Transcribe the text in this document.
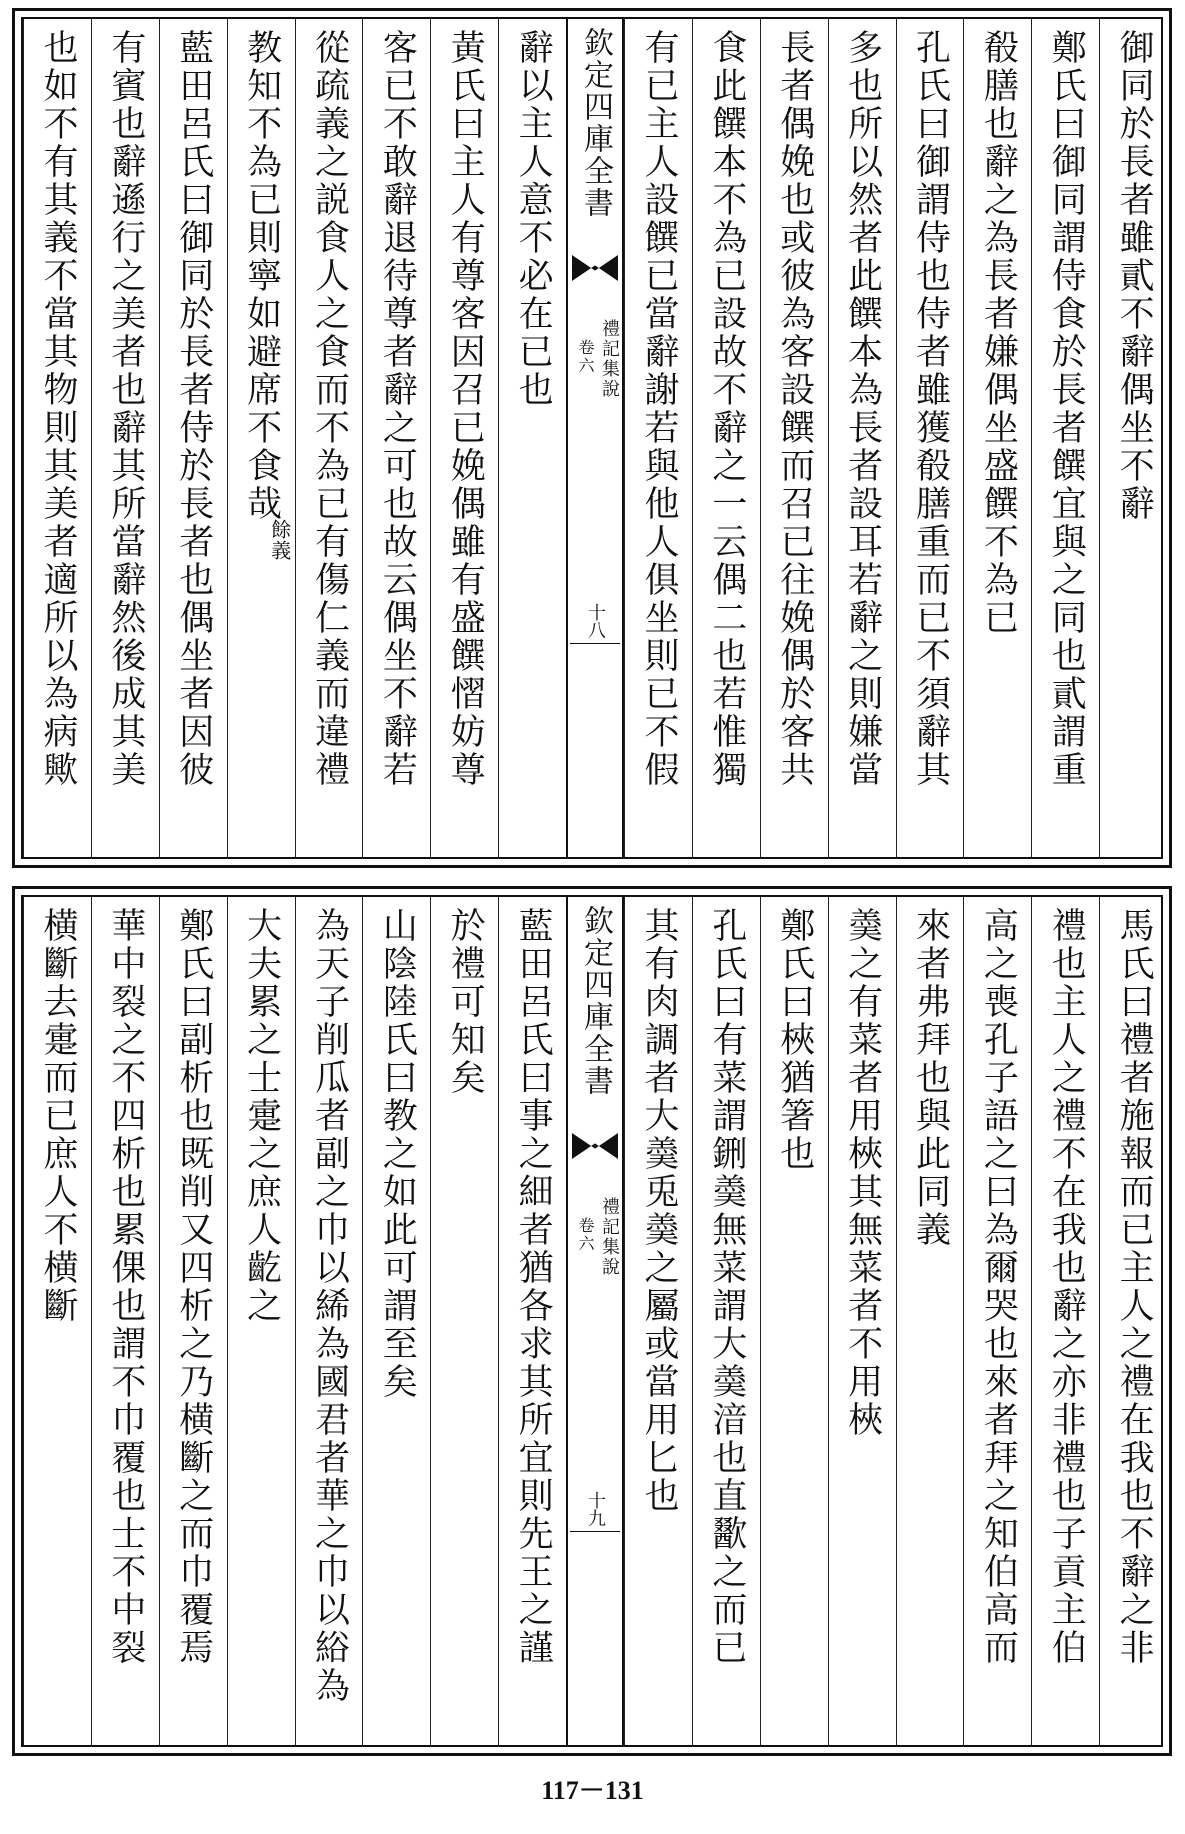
御同於長者雖貳不辭偶坐不辭
鄭氏曰御同謂侍食於長者饌宜與之同也貳謂重
殽膳也辭之為長者嫌偶坐盛饌不為已
孔氏曰御謂侍也侍者雖獲殽膳重而已不須辭其
多也所以然者此饌本為長者設耳若辭之則嫌當
長者偶娩也或彼為客設饌而召已往娩偶於客共
食此饌本不為已設故不辭之一云偶二也若惟獨
有已主人設饌已當辭謝若與他人俱坐則已不假
欽定四庫全書
禮記集說
卷六
十八
辭以主人意不必在已也
黃氏曰主人有尊客因召已娩偶雖有盛饌慴妨尊
客已不敢辭退待尊者辭之可也故云偶坐不辭若
從疏義之説食人之食而不為已有傷仁義而違禮
教知不為已則寧如避席不食哉
餘義
藍田呂氏曰御同於長者侍於長者也偶坐者因彼
有賓也辭遜行之美者也辭其所當辭然後成其美
也如不有其義不當其物則其美者適所以為病歟
馬氏曰禮者施報而已主人之禮在我也不辭之非
禮也主人之禮不在我也辭之亦非禮也子貢主伯
高之喪孔子語之曰為爾哭也來者拜之知伯高而
來者弗拜也與此同義
羮之有菜者用梜其無菜者不用梜
鄭氏曰梜猶箸也
孔氏曰有菜謂鉶羮無菜謂大羮湆也直歠之而已
其有肉調者大羮兎羮之屬或當用匕也
欽定四庫全書
禮記集說
卷六
十九
藍田呂氏曰事之細者猶各求其所宜則先王之謹
於禮可知矣
山陰陸氏曰教之如此可謂至矣
為天子削瓜者副之巾以絺為國君者華之巾以綌為
大夫累之士疐之庶人齕之
鄭氏曰副析也既削又四析之乃横斷之而巾覆焉
華中裂之不四析也累倮也謂不巾覆也士不中裂
横斷去疐而已庶人不横斷
117－131
